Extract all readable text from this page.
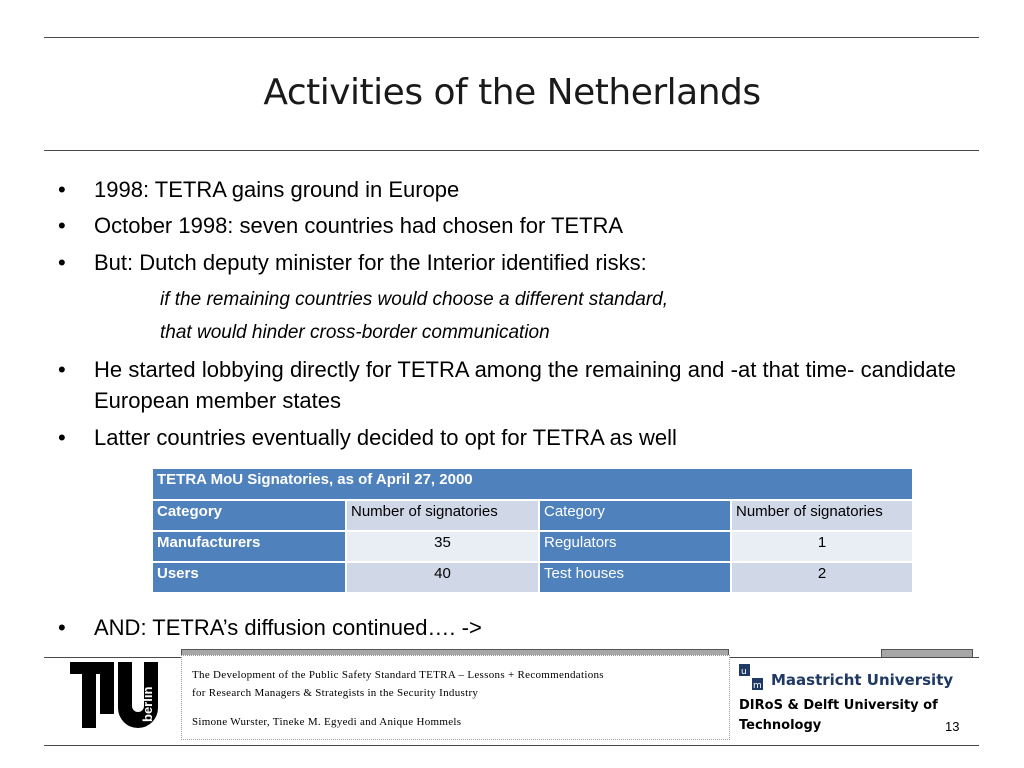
Activities of the Netherlands
• 1998: TETRA gains ground in Europe
• October 1998: seven countries had chosen for TETRA
• But: Dutch deputy minister for the Interior identified risks:
if the remaining countries would choose a different standard,
that would hinder cross-border communication
• He started lobbying directly for TETRA among the remaining and -at that time- candidate European member states
• Latter countries eventually decided to opt for TETRA as well
TETRA MoU Signatories, as of April 27, 2000			
Category	Number of signatories	Category	Number of signatories
Manufacturers	35	Regulators	1
Users	40	Test houses	2
• AND: TETRA’s diffusion continued…. ->
The Development of the Public Safety Standard TETRA – Lessons + Recommendations
for Research Managers & Strategists in the Security Industry
Simone Wurster, Tineke M. Egyedi and Anique Hommels
berlin
u
m Maastricht University
DIRoS & Delft University of Technology	13
